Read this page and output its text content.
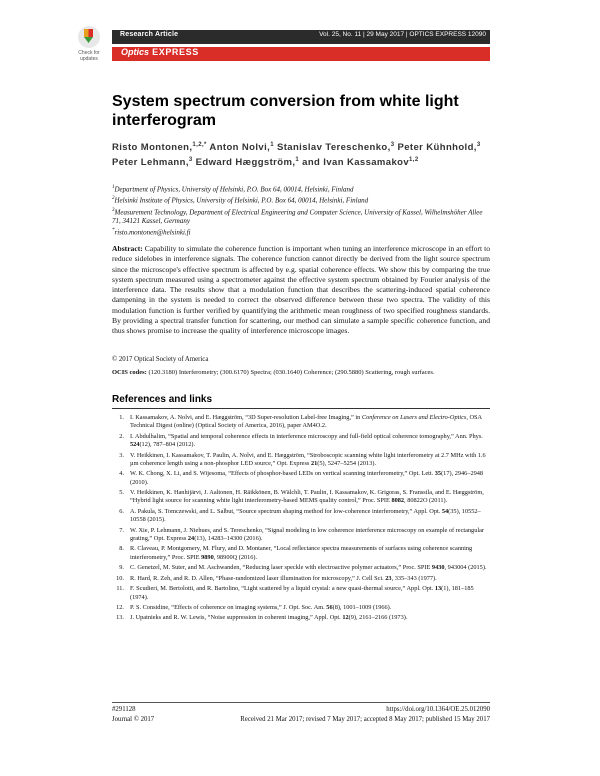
Check for updates
Research Article	Vol. 25, No. 11 | 29 May 2017 | OPTICS EXPRESS 12090
Optics EXPRESS
System spectrum conversion from white light interferogram
Risto Montonen,$^{1,2,*}$ Anton Nolvi,$^1$ Stanislav Tereschenko,$^3$ Peter Kühnhold,$^3$ Peter Lehmann,$^3$ Edward Hæggström,$^1$ and Ivan Kassamakov$^{1,2}$

$^1$Department of Physics, University of Helsinki, P.O. Box 64, 00014, Helsinki, Finland

$^2$Helsinki Institute of Physics, University of Helsinki, P.O. Box 64, 00014, Helsinki, Finland

$^3$Measurement Technology, Department of Electrical Engineering and Computer Science, University of Kassel, Wilhelmshöher Allee 71, 34121 Kassel, Germany

*risto.montonen@helsinki.fi

Abstract: Capability to simulate the coherence function is important when tuning an interference microscope in an effort to reduce sidelobes in interference signals. The coherence function cannot directly be derived from the light source spectrum since the microscope's effective spectrum is affected by e.g. spatial coherence effects. We show this by comparing the true system spectrum measured using a spectrometer against the effective system spectrum obtained by Fourier analysis of the interference data. The results show that a modulation function that describes the scattering-induced spatial coherence dampening in the system is needed to correct the observed difference between these two spectra. The validity of this modulation function is further verified by quantifying the arithmetic mean roughness of two specified roughness standards. By providing a spectral transfer function for scattering, our method can simulate a sample specific coherence function, and thus shows promise to increase the quality of interference microscope images.
© 2017 Optical Society of America
OCIS codes: (120.3180) Interferometry; (300.6170) Spectra; (030.1640) Coherence; (290.5880) Scattering, rough surfaces.
References and links
1. I. Kassamakov, A. Nolvi, and E. Hæggström, “3D Super-resolution Label-free Imaging,” in Conference on Lasers and Electro-Optics, OSA Technical Digest (online) (Optical Society of America, 2016), paper AM4O.2.
2. I. Abdulhalim, “Spatial and temporal coherence effects in interference microscopy and full-field optical coherence tomography,” Ann. Phys. 524(12), 787–804 (2012).
3. V. Heikkinen, I. Kassamakov, T. Paulin, A. Nolvi, and E. Hæggström, “Stroboscopic scanning white light interferometry at 2.7 MHz with 1.6 µm coherence length using a non-phosphor LED source,” Opt. Express 21(5), 5247–5254 (2013).
4. W. K. Chong, X. Li, and S. Wijesoma, “Effects of phosphor-based LEDs on vertical scanning interferometry,” Opt. Lett. 35(17), 2946–2948 (2010).
5. V. Heikkinen, K. Hanhijärvi, J. Aaltonen, H. Räikkönen, B. Wälchli, T. Paulin, I. Kassamakov, K. Grigoras, S. Franssila, and E. Hæggström, “Hybrid light source for scanning white light interferometry-based MEMS quality control,” Proc. SPIE 8082, 80822O (2011).
6. A. Pakula, S. Tomczewski, and L. Salbut, “Source spectrum shaping method for low-coherence interferometry,” Appl. Opt. 54(35), 10552–10558 (2015).
7. W. Xie, P. Lehmann, J. Niehues, and S. Tereschenko, “Signal modeling in low coherence interference microscopy on example of rectangular grating,” Opt. Express 24(13), 14283–14300 (2016).
8. R. Claveau, P. Montgomery, M. Flury, and D. Montaner, “Local reflectance spectra measurements of surfaces using coherence scanning interferometry,” Proc. SPIE 9890, 98900Q (2016).
9. C. Genetzel, M. Suter, and M. Aschwanden, “Reducing laser speckle with electroactive polymer actuators,” Proc. SPIE 9430, 943004 (2015).
10. R. Hard, R. Zeh, and R. D. Allen, “Phase-randomized laser illumination for microscopy,” J. Cell Sci. 23, 335–343 (1977).
11. F. Scudieri, M. Bertolotti, and R. Bartolino, “Light scattered by a liquid crystal: a new quasi-thermal source,” Appl. Opt. 13(1), 181–185 (1974).
12. P. S. Considine, “Effects of coherence on imaging systems,” J. Opt. Soc. Am. 56(8), 1001–1009 (1966).
13. J. Upatnieks and R. W. Lewis, “Noise suppression in coherent imaging,” Appl. Opt. 12(9), 2161–2166 (1973).
#291128
Journal © 2017
https://doi.org/10.1364/OE.25.012090
Received 21 Mar 2017; revised 7 May 2017; accepted 8 May 2017; published 15 May 2017
